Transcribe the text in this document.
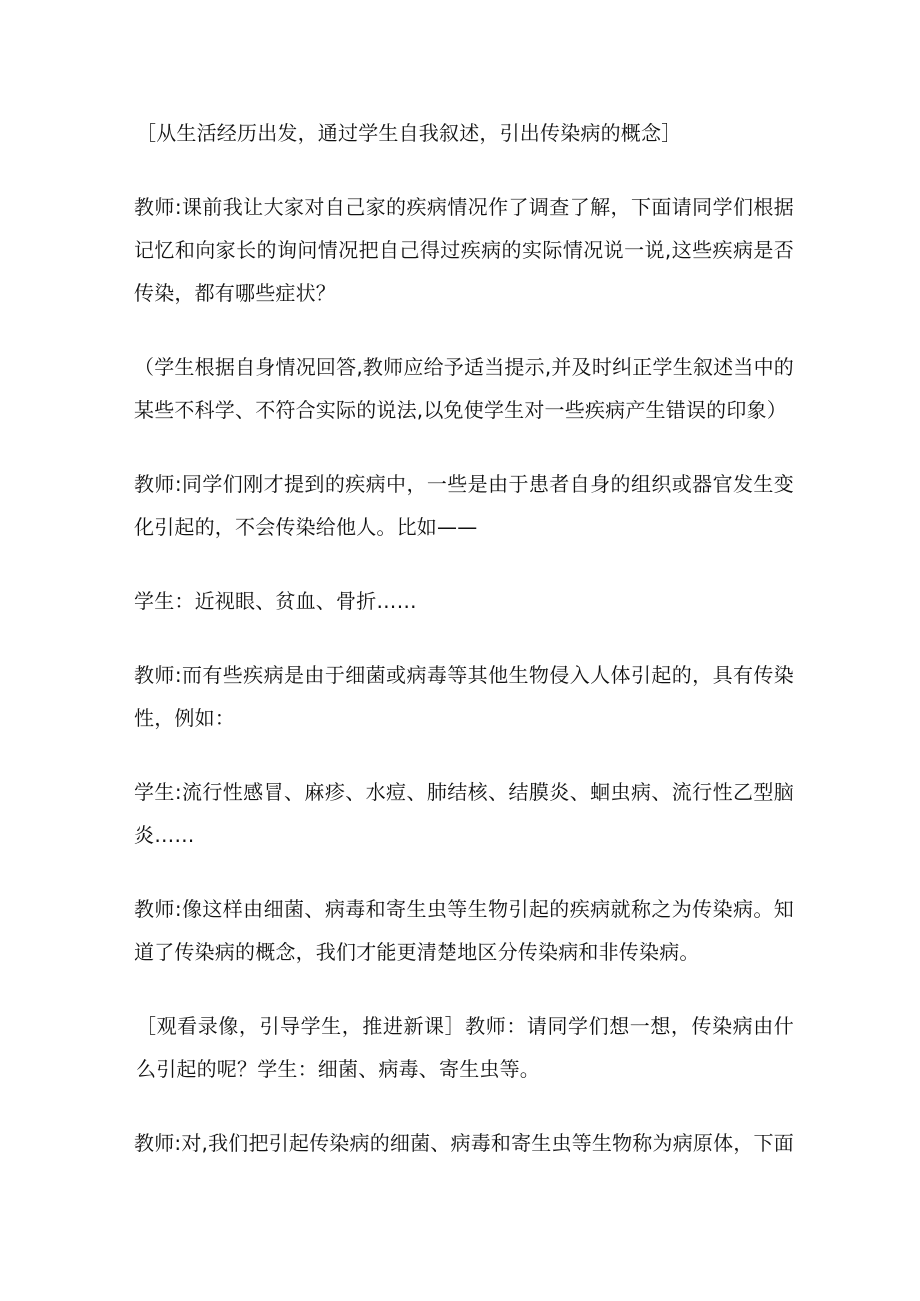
［从生活经历出发，通过学生自我叙述，引出传染病的概念］

教师:课前我让大家对自己家的疾病情况作了调查了解，下面请同学们根据记忆和向家长的询问情况把自己得过疾病的实际情况说一说,这些疾病是否传染，都有哪些症状？

（学生根据自身情况回答,教师应给予适当提示,并及时纠正学生叙述当中的某些不科学、不符合实际的说法,以免使学生对一些疾病产生错误的印象）

教师:同学们刚才提到的疾病中，一些是由于患者自身的组织或器官发生变化引起的，不会传染给他人。比如——

学生：近视眼、贫血、骨折……

教师:而有些疾病是由于细菌或病毒等其他生物侵入人体引起的，具有传染性，例如：

学生:流行性感冒、麻疹、水痘、肺结核、结膜炎、蛔虫病、流行性乙型脑炎……

教师:像这样由细菌、病毒和寄生虫等生物引起的疾病就称之为传染病。知道了传染病的概念，我们才能更清楚地区分传染病和非传染病。

［观看录像，引导学生，推进新课］教师：请同学们想一想，传染病由什么引起的呢？学生：细菌、病毒、寄生虫等。

教师:对,我们把引起传染病的细菌、病毒和寄生虫等生物称为病原体，下面
